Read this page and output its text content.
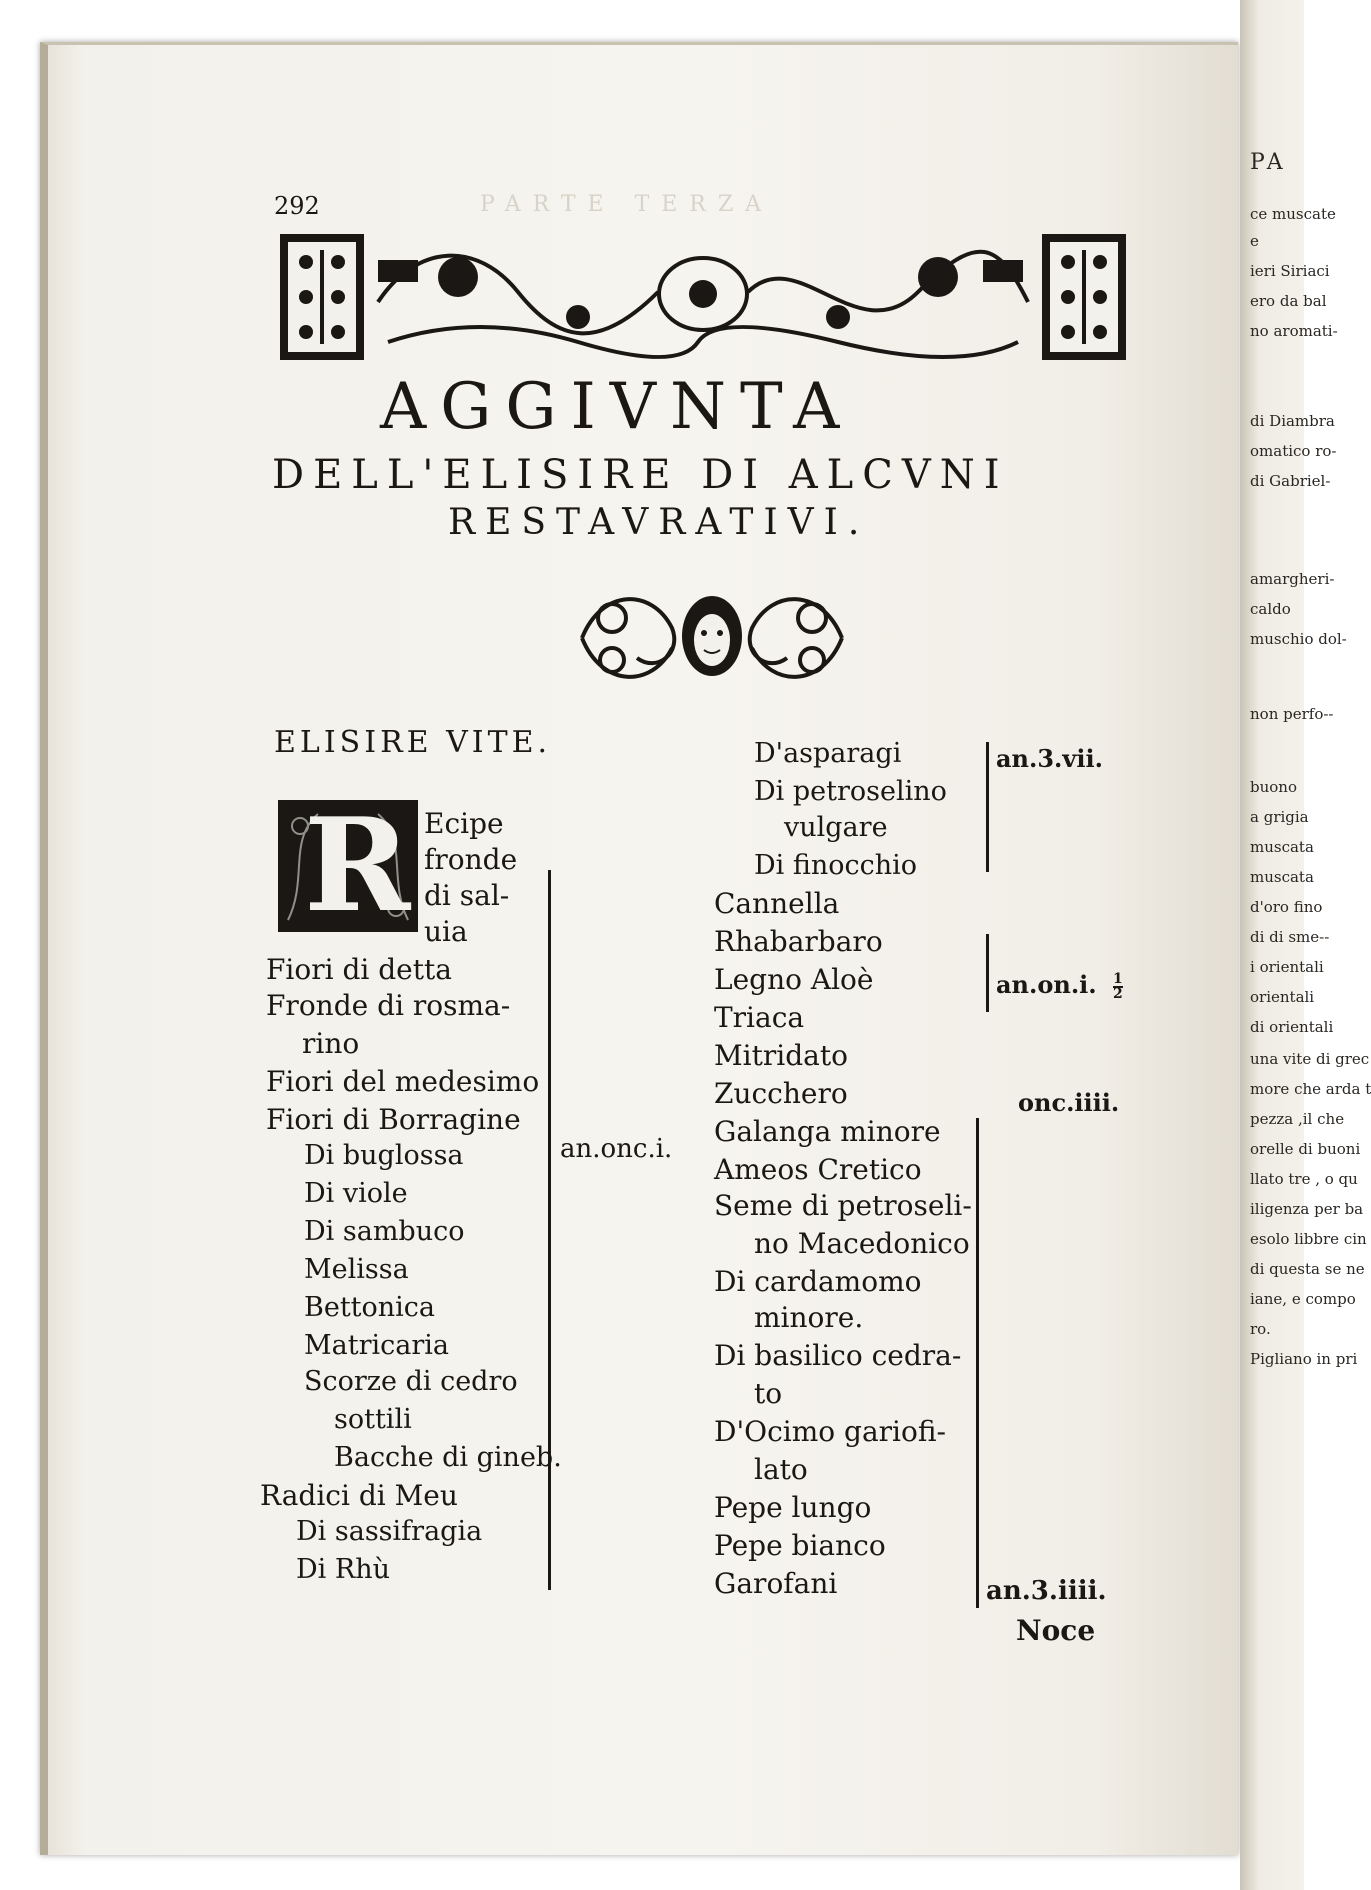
PA
ce muscate
e
ieri Siriaci
ero da bal
no aromati-
di Diambra
omatico ro-
di Gabriel-
amargheri-
caldo
muschio dol-
non perfo--
buono
a grigia
muscata
muscata
d'oro fino
di di sme--
i orientali
orientali
di orientali
una vite di grec
more che arda t
pezza ,il che
orelle di buoni
llato tre , o qu
iligenza per ba
esolo libbre cin
di questa se ne
iane, e compo
ro.
Pigliano in pri
292	PARTE TERZA
AGGIVNTA
DELL'ELISIRE DI ALCVNI
RESTAVRATIVI.
ELISIRE VITE.
R Ecipe
fronde
di sal-
uia
Fiori di detta
Fronde di rosma-
rino
Fiori del medesimo
Fiori di Borragine
Di buglossa
Di viole
Di sambuco
Melissa
Bettonica
Matricaria
Scorze di cedro
sottili
Bacche di gineb.
Radici di Meu
Di sassifragia
Di Rhù
an.onc.i.
D'asparagi
Di petroselino
vulgare
Di finocchio
Cannella
Rhabarbaro
Legno Aloè
Triaca
Mitridato
Zucchero
Galanga minore
Ameos Cretico
Seme di petroseli-
no Macedonico
Di cardamomo
minore.
Di basilico cedra-
to
D'Ocimo gariofi-
lato
Pepe lungo
Pepe bianco
Garofani
an.3.vii.
an.on.i. $\frac{1}{2}$
onc.iiii.
an.3.iiii.
Noce
